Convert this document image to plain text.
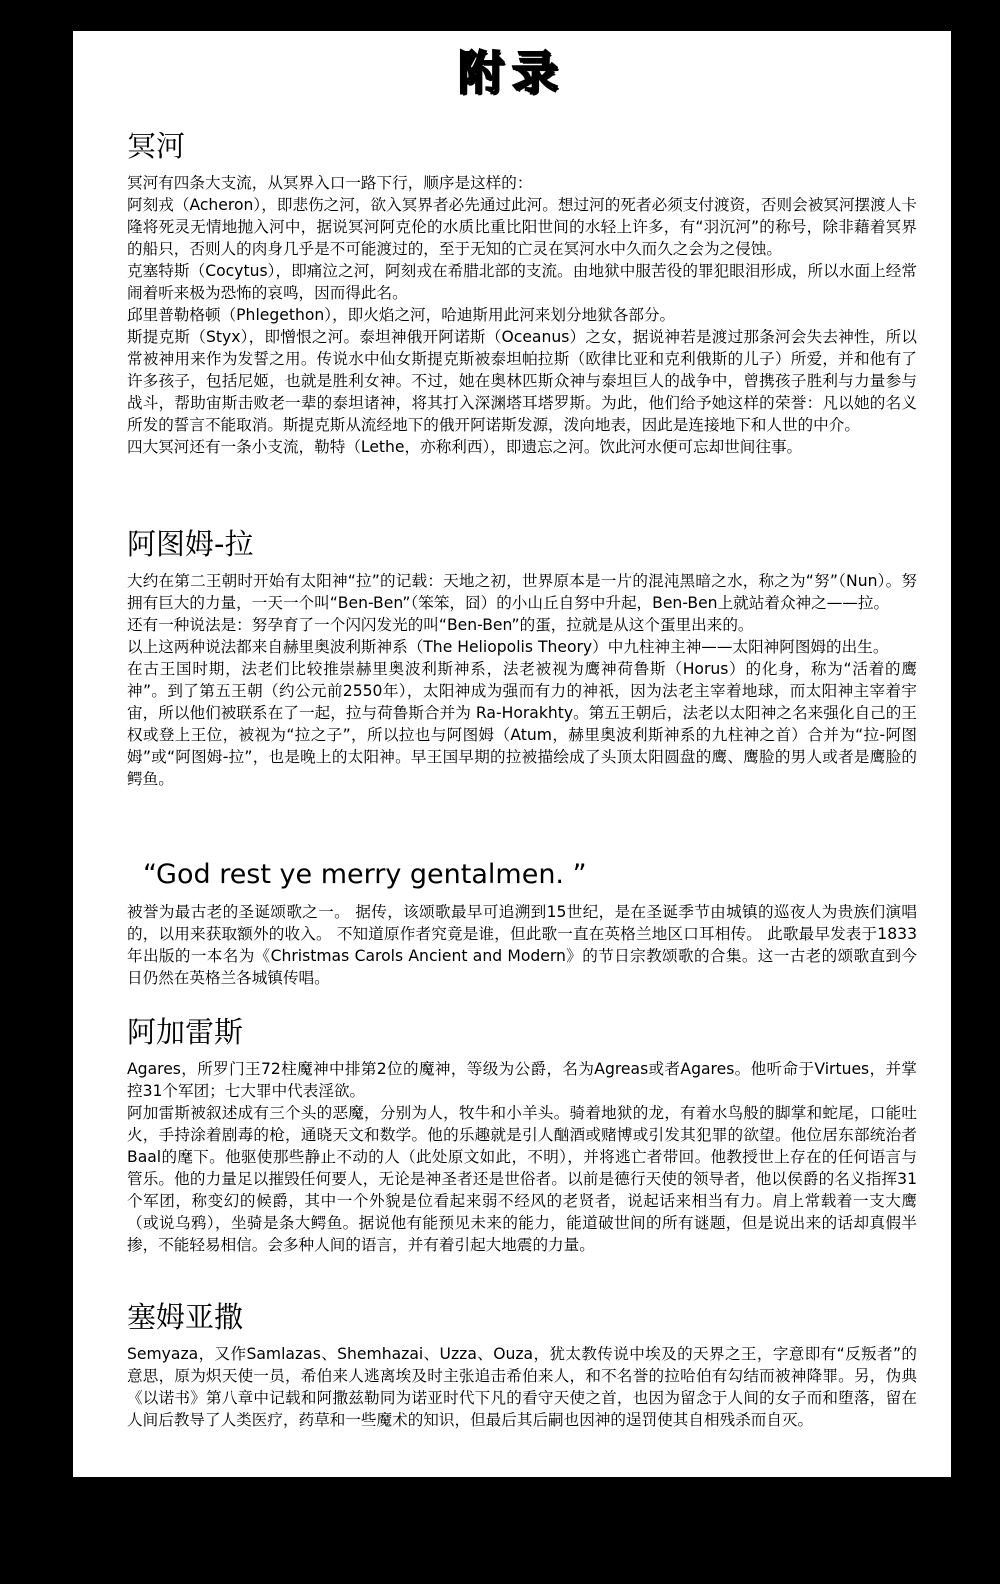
附录
冥河

冥河有四条大支流，从冥界入口一路下行，顺序是这样的：

阿刻戎（Acheron），即悲伤之河，欲入冥界者必先通过此河。想过河的死者必须支付渡资，否则会被冥河摆渡人卡隆将死灵无情地抛入河中，据说冥河阿克伦的水质比重比阳世间的水轻上许多，有“羽沉河”的称号，除非藉着冥界的船只，否则人的肉身几乎是不可能渡过的，至于无知的亡灵在冥河水中久而久之会为之侵蚀。

克塞特斯（Cocytus），即痛泣之河，阿刻戎在希腊北部的支流。由地狱中服苦役的罪犯眼泪形成，所以水面上经常闹着听来极为恐怖的哀鸣，因而得此名。

邱里普勒格顿（Phlegethon），即火焰之河，哈迪斯用此河来划分地狱各部分。

斯提克斯（Styx），即憎恨之河。泰坦神俄开阿诺斯（Oceanus）之女，据说神若是渡过那条河会失去神性，所以常被神用来作为发誓之用。传说水中仙女斯提克斯被泰坦帕拉斯（欧律比亚和克利俄斯的儿子）所爱，并和他有了许多孩子，包括尼姬，也就是胜利女神。不过，她在奥林匹斯众神与泰坦巨人的战争中，曾携孩子胜利与力量参与战斗，帮助宙斯击败老一辈的泰坦诸神，将其打入深渊塔耳塔罗斯。为此，他们给予她这样的荣誉：凡以她的名义所发的誓言不能取消。斯提克斯从流经地下的俄开阿诺斯发源，泼向地表，因此是连接地下和人世的中介。

四大冥河还有一条小支流，勒特（Lethe，亦称利西），即遗忘之河。饮此河水便可忘却世间往事。

阿图姆-拉

大约在第二王朝时开始有太阳神“拉”的记载：天地之初，世界原本是一片的混沌黑暗之水，称之为“努”（Nun）。努拥有巨大的力量，一天一个叫“Ben-Ben”（笨笨，囧）的小山丘自努中升起，Ben-Ben上就站着众神之——拉。

还有一种说法是：努孕育了一个闪闪发光的叫“Ben-Ben”的蛋，拉就是从这个蛋里出来的。

以上这两种说法都来自赫里奥波利斯神系（The Heliopolis Theory）中九柱神主神——太阳神阿图姆的出生。

在古王国时期，法老们比较推崇赫里奥波利斯神系，法老被视为鹰神荷鲁斯（Horus）的化身，称为“活着的鹰神”。到了第五王朝（约公元前2550年），太阳神成为强而有力的神祇，因为法老主宰着地球，而太阳神主宰着宇宙，所以他们被联系在了一起，拉与荷鲁斯合并为 Ra-Horakhty。第五王朝后，法老以太阳神之名来强化自己的王权或登上王位，被视为“拉之子”，所以拉也与阿图姆（Atum，赫里奥波利斯神系的九柱神之首）合并为“拉-阿图姆”或“阿图姆-拉”，也是晚上的太阳神。早王国早期的拉被描绘成了头顶太阳圆盘的鹰、鹰脸的男人或者是鹰脸的鳄鱼。

“God rest ye merry gentalmen. ”

被誉为最古老的圣诞颂歌之一。 据传，该颂歌最早可追溯到15世纪，是在圣诞季节由城镇的巡夜人为贵族们演唱的，以用来获取额外的收入。 不知道原作者究竟是谁，但此歌一直在英格兰地区口耳相传。 此歌最早发表于1833年出版的一本名为《Christmas Carols Ancient and Modern》的节日宗教颂歌的合集。这一古老的颂歌直到今日仍然在英格兰各城镇传唱。

阿加雷斯

Agares，所罗门王72柱魔神中排第2位的魔神，等级为公爵，名为Agreas或者Agares。他听命于Virtues，并掌控31个军团；七大罪中代表淫欲。

阿加雷斯被叙述成有三个头的恶魔，分别为人，牧牛和小羊头。骑着地狱的龙，有着水鸟般的脚掌和蛇尾，口能吐火，手持涂着剧毒的枪，通晓天文和数学。他的乐趣就是引人酗酒或赌博或引发其犯罪的欲望。他位居东部统治者Baal的麾下。他驱使那些静止不动的人（此处原文如此，不明），并将逃亡者带回。他教授世上存在的任何语言与管乐。他的力量足以摧毁任何要人，无论是神圣者还是世俗者。以前是德行天使的领导者，他以侯爵的名义指挥31个军团，称变幻的候爵，其中一个外貌是位看起来弱不经风的老贤者，说起话来相当有力。肩上常载着一支大鹰（或说乌鸦），坐骑是条大鳄鱼。据说他有能预见未来的能力，能道破世间的所有谜题，但是说出来的话却真假半掺，不能轻易相信。会多种人间的语言，并有着引起大地震的力量。

塞姆亚撒

Semyaza，又作Samlazas、Shemhazai、Uzza、Ouza，犹太教传说中埃及的天界之王，字意即有“反叛者”的意思，原为炽天使一员，希伯来人逃离埃及时主张追击希伯来人，和不名誉的拉哈伯有勾结而被神降罪。另，伪典《以诺书》第八章中记载和阿撒兹勒同为诺亚时代下凡的看守天使之首，也因为留念于人间的女子而和堕落，留在人间后教导了人类医疗，药草和一些魔术的知识，但最后其后嗣也因神的逞罚使其自相残杀而自灭。
